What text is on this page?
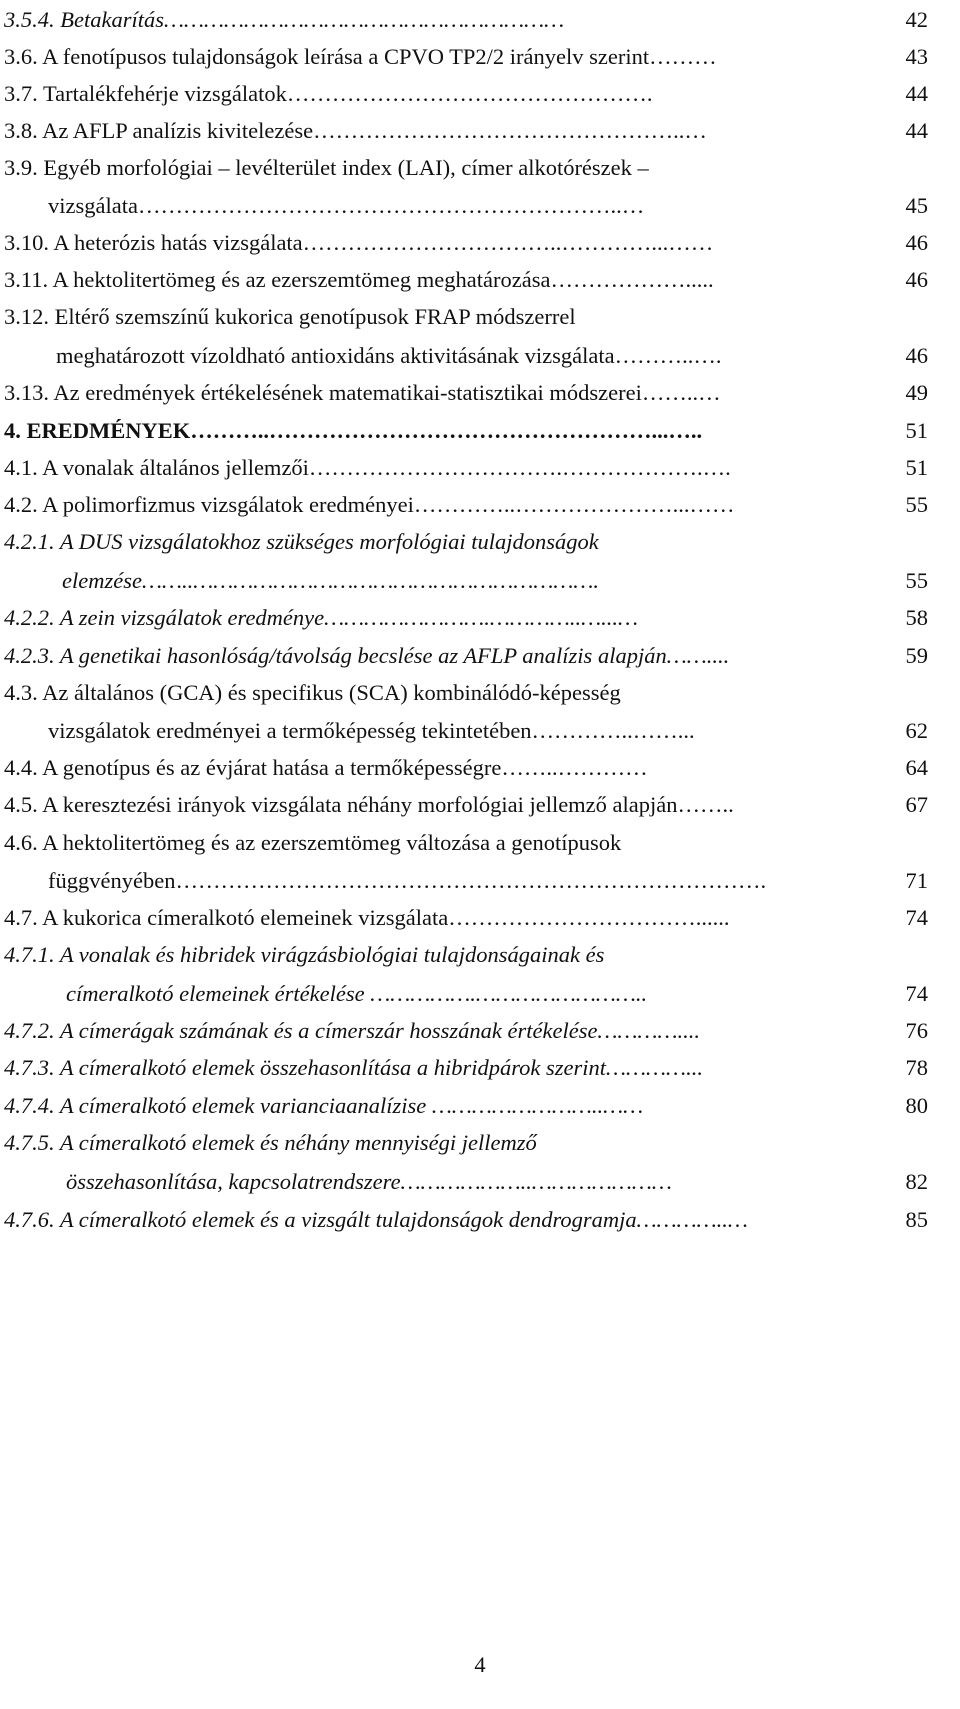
3.5.4. Betakarítás……………………………………………………	42
3.6. A fenotípusos tulajdonságok leírása a CPVO TP2/2 irányelv szerint………	43
3.7. Tartalékfehérje vizsgálatok………………………………………….	44
3.8. Az AFLP analízis kivitelezése…………………………………………..…	44
3.9. Egyéb morfológiai – levélterület index (LAI), címer alkotórészek –
vizsgálata………………………………………………………..…	45
3.10. A heterózis hatás vizsgálata……………………………..…………...……	46
3.11. A hektolitertömeg és az ezerszemtömeg meghatározása……………….....	46
3.12. Eltérő szemszínű kukorica genotípusok FRAP módszerrel
meghatározott vízoldható antioxidáns aktivitásának vizsgálata………..….	46
3.13. Az eredmények értékelésének matematikai-statisztikai módszerei……..…	49
4. EREDMÉNYEK………..……………………………………………...…..	51
4.1. A vonalak általános jellemzői…………………………….……………….….	51
4.2. A polimorfizmus vizsgálatok eredményei…………..…………………...……	55
4.2.1. A DUS vizsgálatokhoz szükséges morfológiai tulajdonságok
elemzése……..…………………………………………………….	55
4.2.2. A zein vizsgálatok eredménye…………………….…………..…...…	58
4.2.3. A genetikai hasonlóság/távolság becslése az AFLP analízis alapján……....	59
4.3. Az általános (GCA) és specifikus (SCA) kombinálódó-képesség
vizsgálatok eredményei a termőképesség tekintetében…………..……...	62
4.4. A genotípus és az évjárat hatása a termőképességre……..…………	64
4.5. A keresztezési irányok vizsgálata néhány morfológiai jellemző alapján……..	67
4.6. A hektolitertömeg és az ezerszemtömeg változása a genotípusok
függvényében…………………………………………………………………….	71
4.7. A kukorica címeralkotó elemeinek vizsgálata……………………………......	74
4.7.1. A vonalak és hibridek virágzásbiológiai tulajdonságainak és
címeralkotó elemeinek értékelése …………….……………………..	74
4.7.2. A címerágak számának és a címerszár hosszának értékelése…………....	76
4.7.3. A címeralkotó elemek összehasonlítása a hibridpárok szerint…………...	78
4.7.4. A címeralkotó elemek varianciaanalízise ……………………..……	80
4.7.5. A címeralkotó elemek és néhány mennyiségi jellemző
összehasonlítása, kapcsolatrendszere………………..…………………	82
4.7.6. A címeralkotó elemek és a vizsgált tulajdonságok dendrogramja…………..…	85
4
